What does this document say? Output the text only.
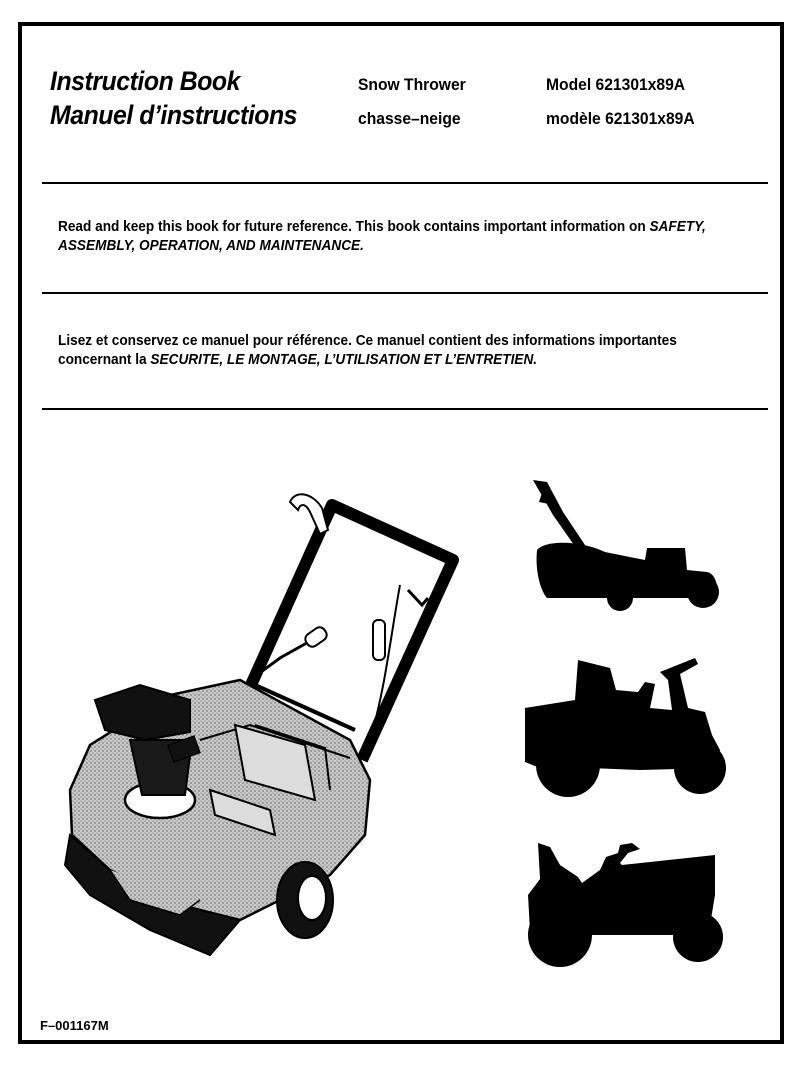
Instruction Book
Manuel d’instructions
Snow Thrower
chasse–neige
Model 621301x89A
modèle 621301x89A
Read and keep this book for future reference. This book contains important information on SAFETY, ASSEMBLY, OPERATION, AND MAINTENANCE.
Lisez et conservez ce manuel pour référence. Ce manuel contient des informations importantes concernant la SECURITE, LE MONTAGE, L’UTILISATION ET L’ENTRETIEN.
F–001167M
